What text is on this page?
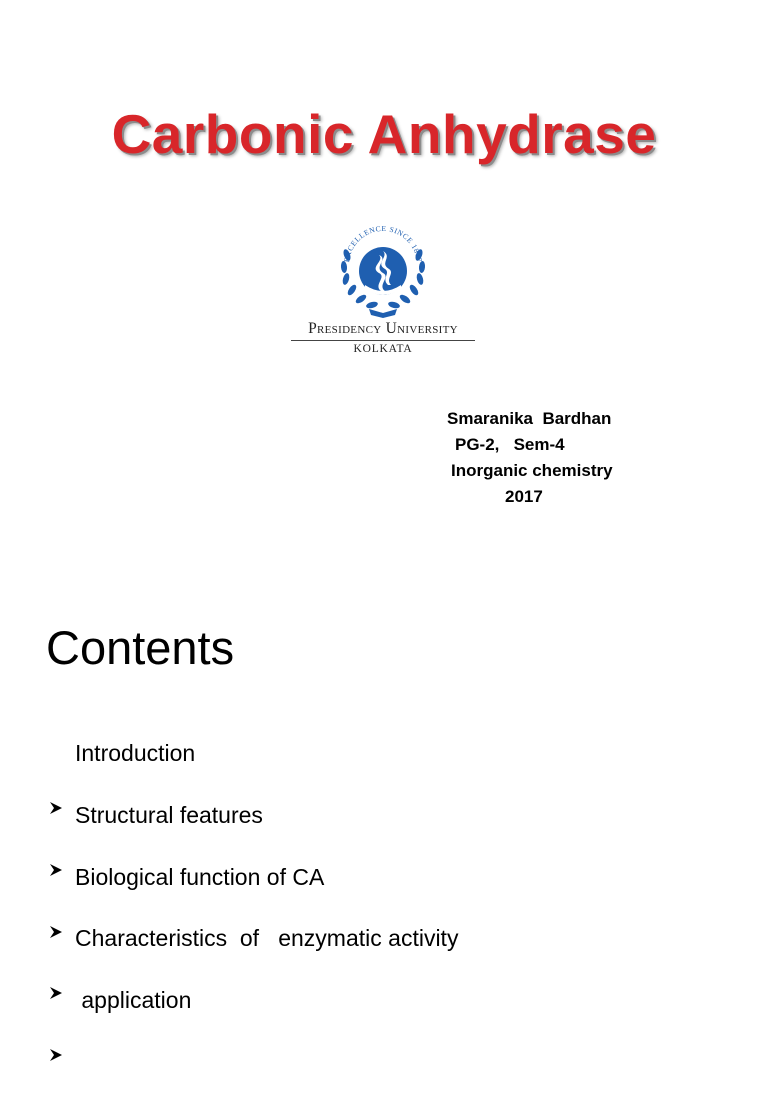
Carbonic Anhydrase
EXCELLENCE SINCE 1817
Presidency University
KOLKATA
Smaranika  Bardhan
PG-2,   Sem-4
Inorganic chemistry
2017
Contents

Introduction

Structural features

Biological function of CA

Characteristics  of   enzymatic activity

application
